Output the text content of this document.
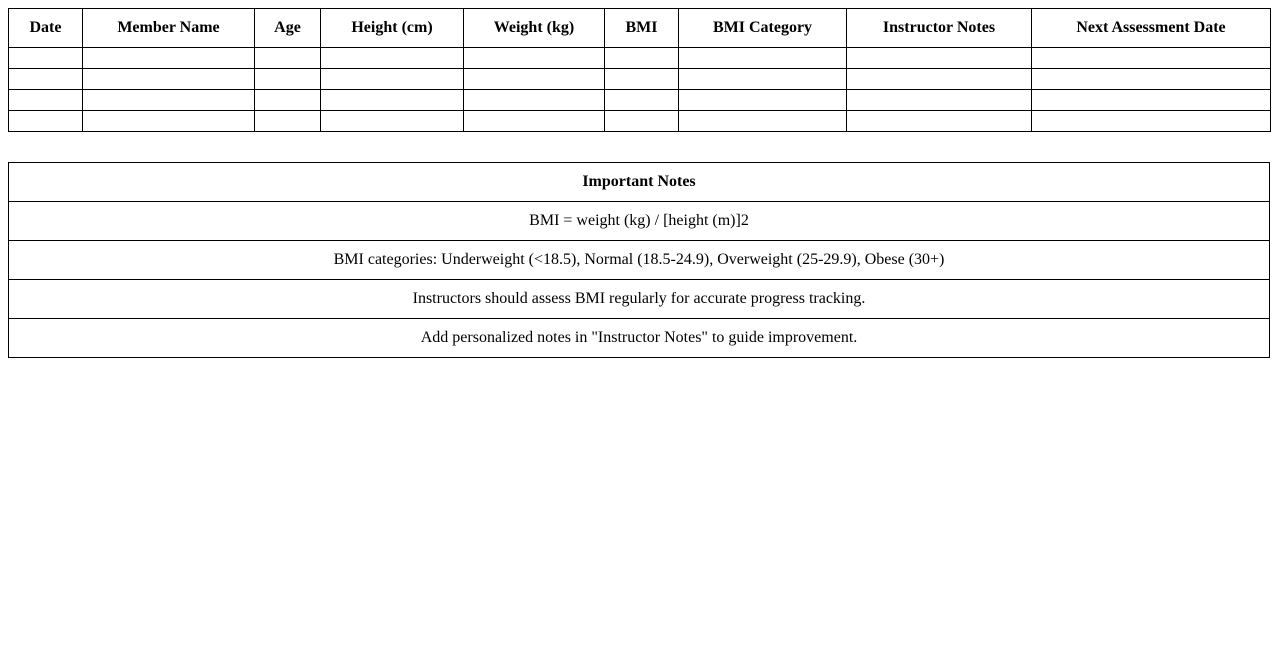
Date	Member Name	Age	Height (cm)	Weight (kg)	BMI	BMI Category	Instructor Notes	Next Assessment Date

Important Notes
BMI = weight (kg) / [height (m)]2
BMI categories: Underweight (<18.5), Normal (18.5-24.9), Overweight (25-29.9), Obese (30+)
Instructors should assess BMI regularly for accurate progress tracking.
Add personalized notes in "Instructor Notes" to guide improvement.
